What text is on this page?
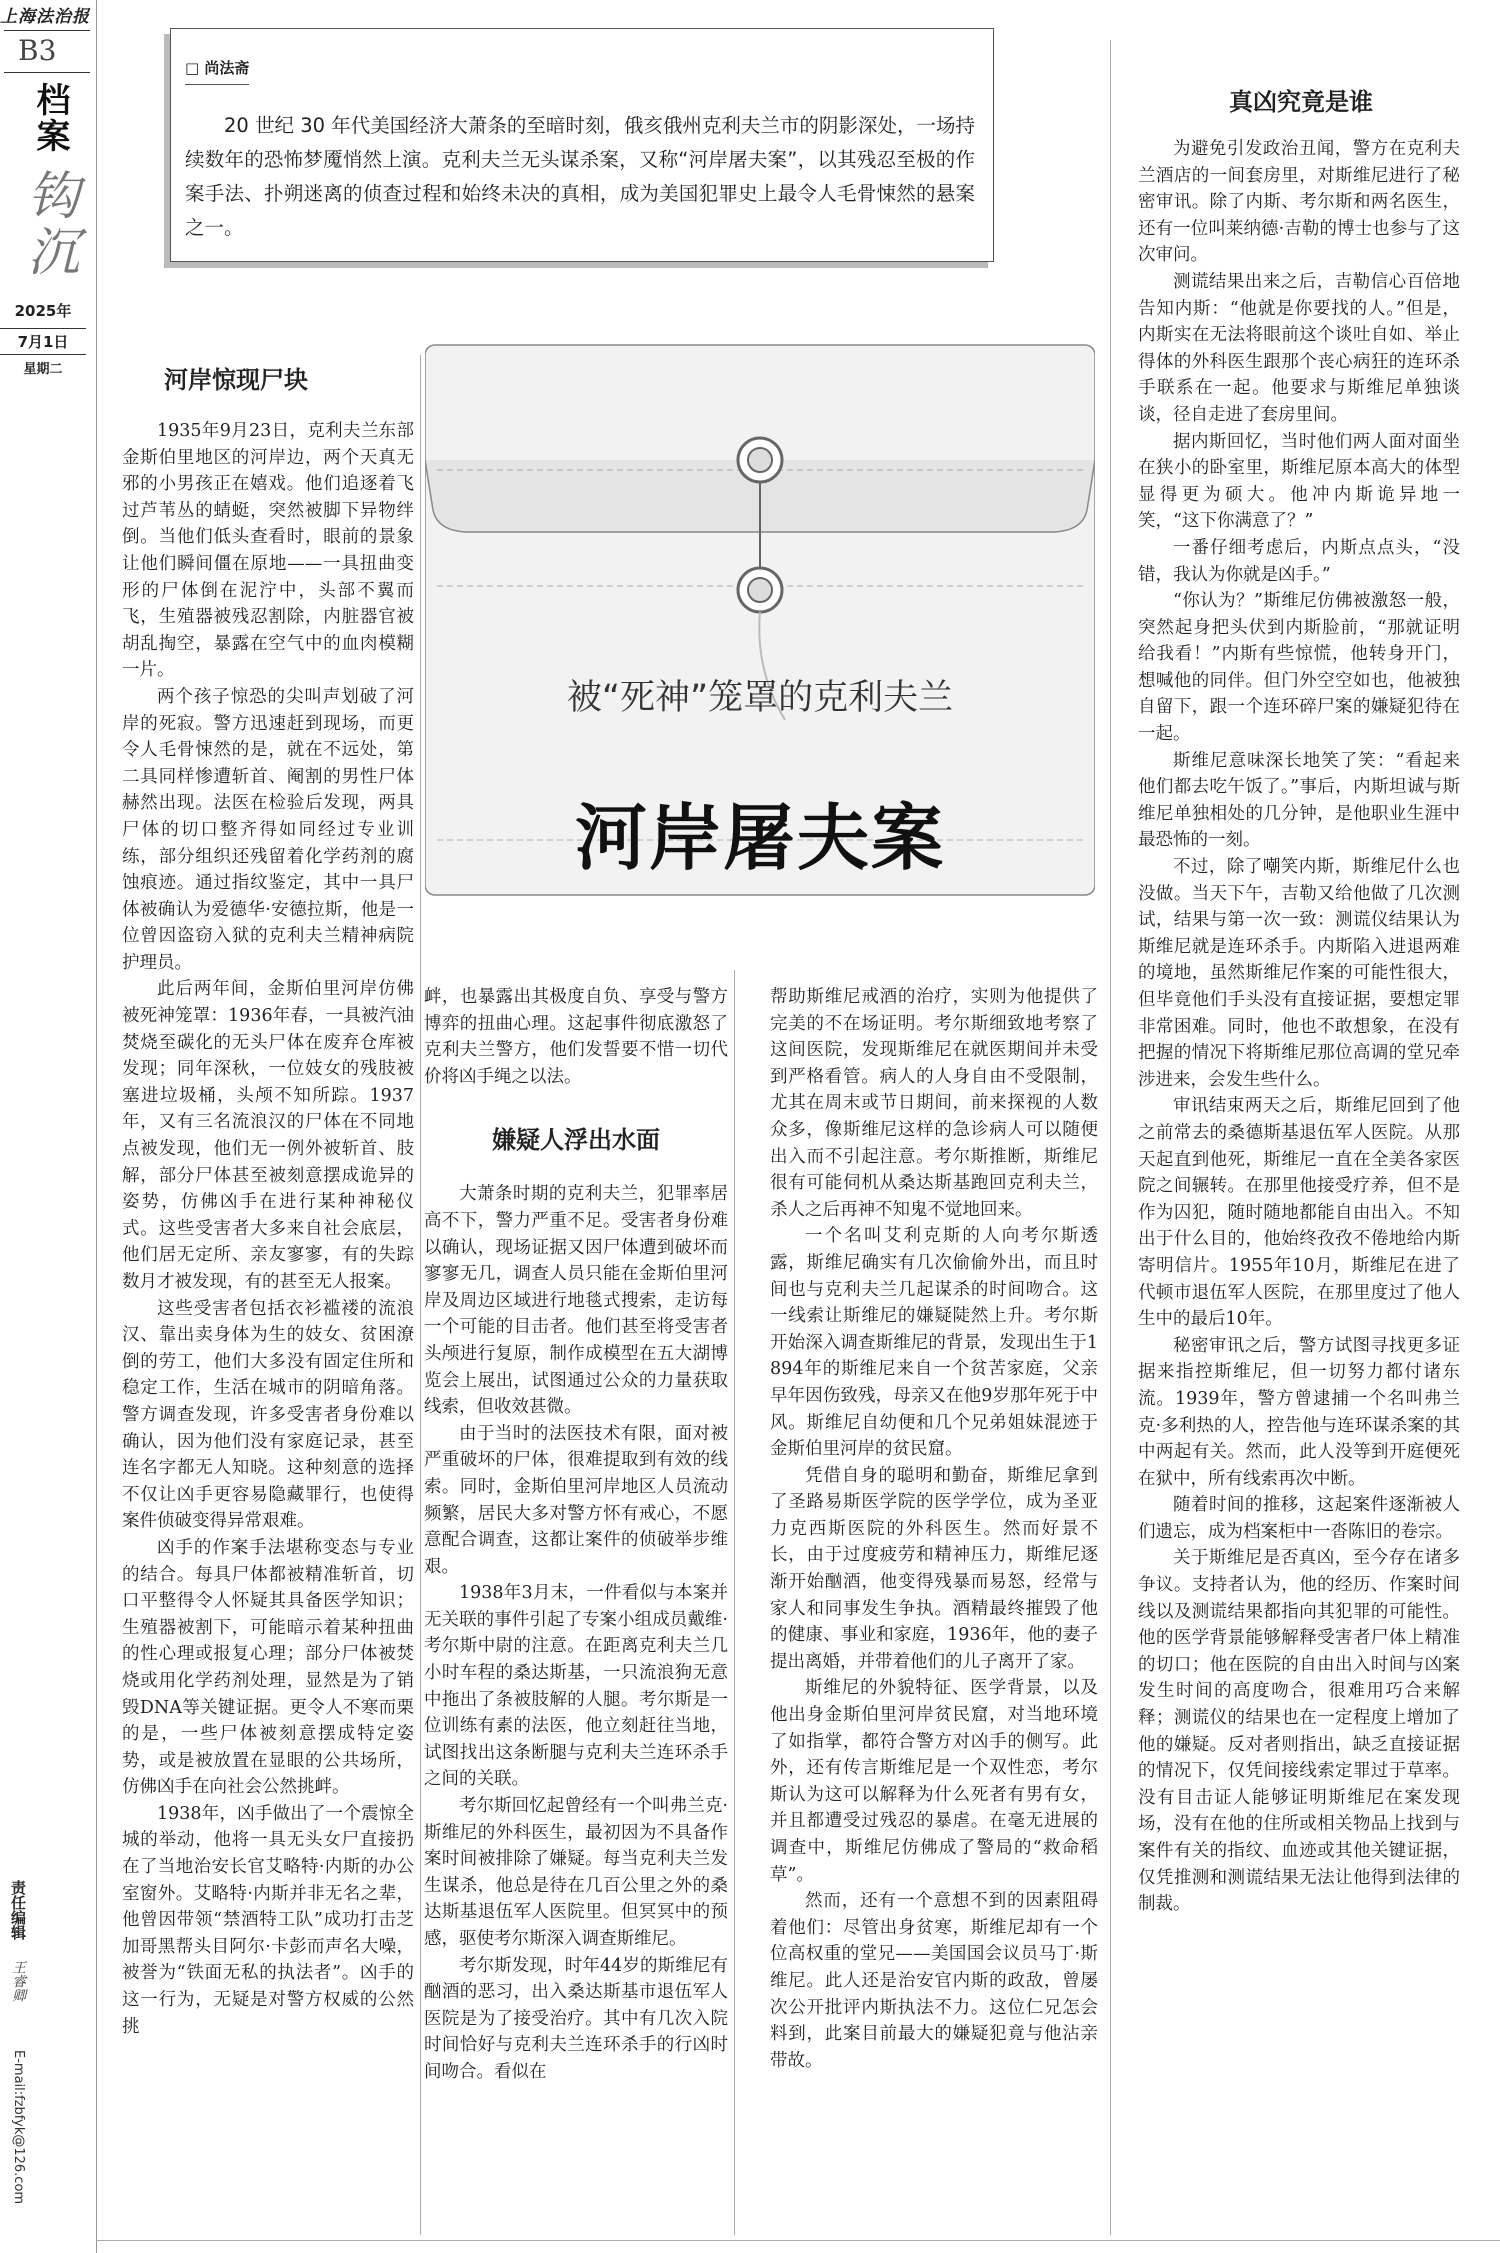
上海法治报
B3
档案
钩沉
2025年
7月1日
星期二
责任编辑
王睿卿
E-mail:fzbfyk@126.com
□ 尚法斋
20 世纪 30 年代美国经济大萧条的至暗时刻，俄亥俄州克利夫兰市的阴影深处，一场持续数年的恐怖梦魇悄然上演。克利夫兰无头谋杀案，又称“河岸屠夫案”，以其残忍至极的作案手法、扑朔迷离的侦查过程和始终未决的真相，成为美国犯罪史上最令人毛骨悚然的悬案之一。
被“死神”笼罩的克利夫兰
河岸屠夫案
河岸惊现尸块

1935年9月23日，克利夫兰东部金斯伯里地区的河岸边，两个天真无邪的小男孩正在嬉戏。他们追逐着飞过芦苇丛的蜻蜓，突然被脚下异物绊倒。当他们低头查看时，眼前的景象让他们瞬间僵在原地——一具扭曲变形的尸体倒在泥泞中，头部不翼而飞，生殖器被残忍割除，内脏器官被胡乱掏空，暴露在空气中的血肉模糊一片。

两个孩子惊恐的尖叫声划破了河岸的死寂。警方迅速赶到现场，而更令人毛骨悚然的是，就在不远处，第二具同样惨遭斩首、阉割的男性尸体赫然出现。法医在检验后发现，两具尸体的切口整齐得如同经过专业训练，部分组织还残留着化学药剂的腐蚀痕迹。通过指纹鉴定，其中一具尸体被确认为爱德华·安德拉斯，他是一位曾因盗窃入狱的克利夫兰精神病院护理员。

此后两年间，金斯伯里河岸仿佛被死神笼罩：1936年春，一具被汽油焚烧至碳化的无头尸体在废弃仓库被发现；同年深秋，一位妓女的残肢被塞进垃圾桶，头颅不知所踪。1937年，又有三名流浪汉的尸体在不同地点被发现，他们无一例外被斩首、肢解，部分尸体甚至被刻意摆成诡异的姿势，仿佛凶手在进行某种神秘仪式。这些受害者大多来自社会底层，他们居无定所、亲友寥寥，有的失踪数月才被发现，有的甚至无人报案。

这些受害者包括衣衫褴褛的流浪汉、靠出卖身体为生的妓女、贫困潦倒的劳工，他们大多没有固定住所和稳定工作，生活在城市的阴暗角落。警方调查发现，许多受害者身份难以确认，因为他们没有家庭记录，甚至连名字都无人知晓。这种刻意的选择不仅让凶手更容易隐藏罪行，也使得案件侦破变得异常艰难。

凶手的作案手法堪称变态与专业的结合。每具尸体都被精准斩首，切口平整得令人怀疑其具备医学知识；生殖器被割下，可能暗示着某种扭曲的性心理或报复心理；部分尸体被焚烧或用化学药剂处理，显然是为了销毁DNA等关键证据。更令人不寒而栗的是，一些尸体被刻意摆成特定姿势，或是被放置在显眼的公共场所，仿佛凶手在向社会公然挑衅。

1938年，凶手做出了一个震惊全城的举动，他将一具无头女尸直接扔在了当地治安长官艾略特·内斯的办公室窗外。艾略特·内斯并非无名之辈，他曾因带领“禁酒特工队”成功打击芝加哥黑帮头目阿尔·卡彭而声名大噪，被誉为“铁面无私的执法者”。凶手的这一行为，无疑是对警方权威的公然挑

衅，也暴露出其极度自负、享受与警方博弈的扭曲心理。这起事件彻底激怒了克利夫兰警方，他们发誓要不惜一切代价将凶手绳之以法。

嫌疑人浮出水面

大萧条时期的克利夫兰，犯罪率居高不下，警力严重不足。受害者身份难以确认，现场证据又因尸体遭到破坏而寥寥无几，调查人员只能在金斯伯里河岸及周边区域进行地毯式搜索，走访每一个可能的目击者。他们甚至将受害者头颅进行复原，制作成模型在五大湖博览会上展出，试图通过公众的力量获取线索，但收效甚微。

由于当时的法医技术有限，面对被严重破坏的尸体，很难提取到有效的线索。同时，金斯伯里河岸地区人员流动频繁，居民大多对警方怀有戒心，不愿意配合调查，这都让案件的侦破举步维艰。

1938年3月末，一件看似与本案并无关联的事件引起了专案小组成员戴维·考尔斯中尉的注意。在距离克利夫兰几小时车程的桑达斯基，一只流浪狗无意中拖出了条被肢解的人腿。考尔斯是一位训练有素的法医，他立刻赶往当地，试图找出这条断腿与克利夫兰连环杀手之间的关联。

考尔斯回忆起曾经有一个叫弗兰克·斯维尼的外科医生，最初因为不具备作案时间被排除了嫌疑。每当克利夫兰发生谋杀，他总是待在几百公里之外的桑达斯基退伍军人医院里。但冥冥中的预感，驱使考尔斯深入调查斯维尼。

考尔斯发现，时年44岁的斯维尼有酗酒的恶习，出入桑达斯基市退伍军人医院是为了接受治疗。其中有几次入院时间恰好与克利夫兰连环杀手的行凶时间吻合。看似在

帮助斯维尼戒酒的治疗，实则为他提供了完美的不在场证明。考尔斯细致地考察了这间医院，发现斯维尼在就医期间并未受到严格看管。病人的人身自由不受限制，尤其在周末或节日期间，前来探视的人数众多，像斯维尼这样的急诊病人可以随便出入而不引起注意。考尔斯推断，斯维尼很有可能伺机从桑达斯基跑回克利夫兰，杀人之后再神不知鬼不觉地回来。

一个名叫艾利克斯的人向考尔斯透露，斯维尼确实有几次偷偷外出，而且时间也与克利夫兰几起谋杀的时间吻合。这一线索让斯维尼的嫌疑陡然上升。考尔斯开始深入调查斯维尼的背景，发现出生于1894年的斯维尼来自一个贫苦家庭，父亲早年因伤致残，母亲又在他9岁那年死于中风。斯维尼自幼便和几个兄弟姐妹混迹于金斯伯里河岸的贫民窟。

凭借自身的聪明和勤奋，斯维尼拿到了圣路易斯医学院的医学学位，成为圣亚力克西斯医院的外科医生。然而好景不长，由于过度疲劳和精神压力，斯维尼逐渐开始酗酒，他变得残暴而易怒，经常与家人和同事发生争执。酒精最终摧毁了他的健康、事业和家庭，1936年，他的妻子提出离婚，并带着他们的儿子离开了家。

斯维尼的外貌特征、医学背景，以及他出身金斯伯里河岸贫民窟，对当地环境了如指掌，都符合警方对凶手的侧写。此外，还有传言斯维尼是一个双性恋，考尔斯认为这可以解释为什么死者有男有女，并且都遭受过残忍的暴虐。在毫无进展的调查中，斯维尼仿佛成了警局的“救命稻草”。

然而，还有一个意想不到的因素阻碍着他们：尽管出身贫寒，斯维尼却有一个位高权重的堂兄——美国国会议员马丁·斯维尼。此人还是治安官内斯的政敌，曾屡次公开批评内斯执法不力。这位仁兄怎会料到，此案目前最大的嫌疑犯竟与他沾亲带故。

真凶究竟是谁

为避免引发政治丑闻，警方在克利夫兰酒店的一间套房里，对斯维尼进行了秘密审讯。除了内斯、考尔斯和两名医生，还有一位叫莱纳德·吉勒的博士也参与了这次审问。

测谎结果出来之后，吉勒信心百倍地告知内斯：“他就是你要找的人。”但是，内斯实在无法将眼前这个谈吐自如、举止得体的外科医生跟那个丧心病狂的连环杀手联系在一起。他要求与斯维尼单独谈谈，径自走进了套房里间。

据内斯回忆，当时他们两人面对面坐在狭小的卧室里，斯维尼原本高大的体型显得更为硕大。他冲内斯诡异地一笑，“这下你满意了？”

一番仔细考虑后，内斯点点头，“没错，我认为你就是凶手。”

“你认为？”斯维尼仿佛被激怒一般，突然起身把头伏到内斯脸前，“那就证明给我看！”内斯有些惊慌，他转身开门，想喊他的同伴。但门外空空如也，他被独自留下，跟一个连环碎尸案的嫌疑犯待在一起。

斯维尼意味深长地笑了笑：“看起来他们都去吃午饭了。”事后，内斯坦诚与斯维尼单独相处的几分钟，是他职业生涯中最恐怖的一刻。

不过，除了嘲笑内斯，斯维尼什么也没做。当天下午，吉勒又给他做了几次测试，结果与第一次一致：测谎仪结果认为斯维尼就是连环杀手。内斯陷入进退两难的境地，虽然斯维尼作案的可能性很大，但毕竟他们手头没有直接证据，要想定罪非常困难。同时，他也不敢想象，在没有把握的情况下将斯维尼那位高调的堂兄牵涉进来，会发生些什么。

审讯结束两天之后，斯维尼回到了他之前常去的桑德斯基退伍军人医院。从那天起直到他死，斯维尼一直在全美各家医院之间辗转。在那里他接受疗养，但不是作为囚犯，随时随地都能自由出入。不知出于什么目的，他始终孜孜不倦地给内斯寄明信片。1955年10月，斯维尼在进了代顿市退伍军人医院，在那里度过了他人生中的最后10年。

秘密审讯之后，警方试图寻找更多证据来指控斯维尼，但一切努力都付诸东流。1939年，警方曾逮捕一个名叫弗兰克·多利热的人，控告他与连环谋杀案的其中两起有关。然而，此人没等到开庭便死在狱中，所有线索再次中断。

随着时间的推移，这起案件逐渐被人们遗忘，成为档案柜中一沓陈旧的卷宗。

关于斯维尼是否真凶，至今存在诸多争议。支持者认为，他的经历、作案时间线以及测谎结果都指向其犯罪的可能性。他的医学背景能够解释受害者尸体上精准的切口；他在医院的自由出入时间与凶案发生时间的高度吻合，很难用巧合来解释；测谎仪的结果也在一定程度上增加了他的嫌疑。反对者则指出，缺乏直接证据的情况下，仅凭间接线索定罪过于草率。没有目击证人能够证明斯维尼在案发现场，没有在他的住所或相关物品上找到与案件有关的指纹、血迹或其他关键证据，仅凭推测和测谎结果无法让他得到法律的制裁。
